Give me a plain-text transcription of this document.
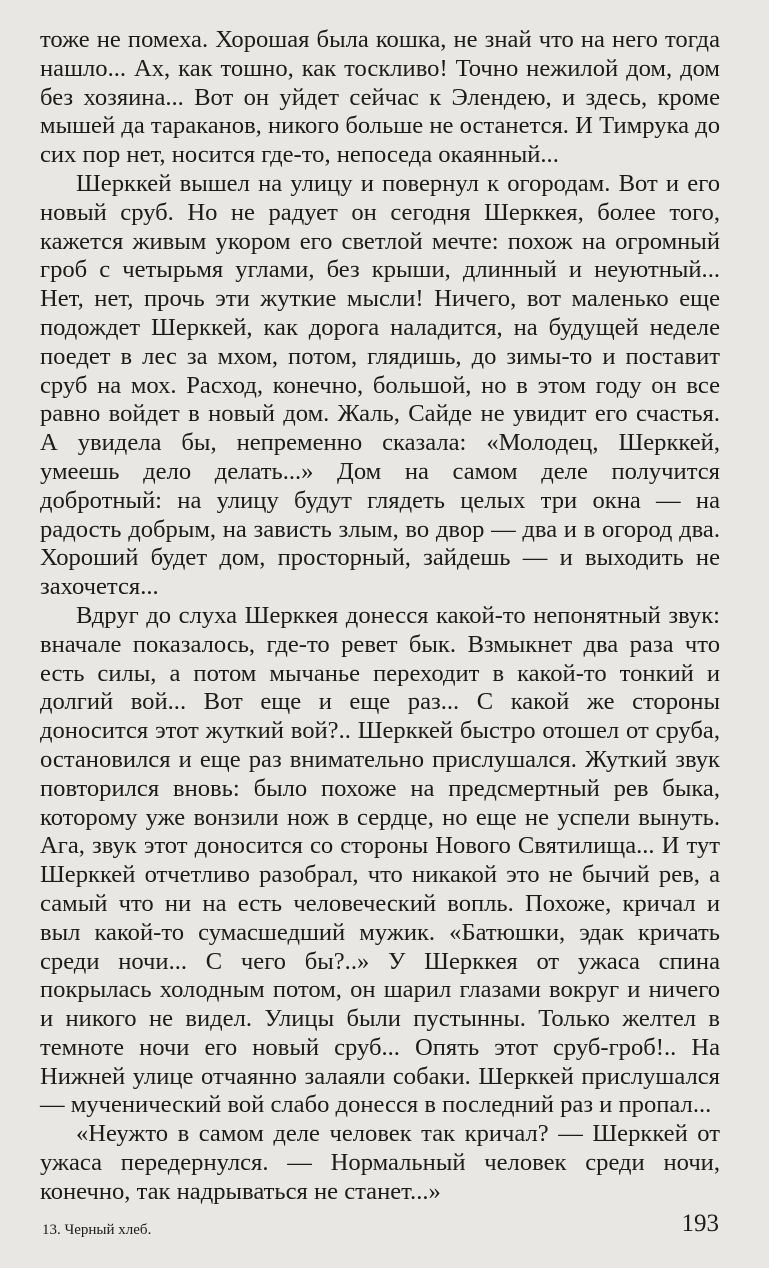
тоже не помеха. Хорошая была кошка, не знай что на него тогда нашло... Ах, как тошно, как тоскливо! Точно нежилой дом, дом без хозяина... Вот он уйдет сейчас к Элендею, и здесь, кроме мышей да тараканов, никого больше не останется. И Тимрука до сих пор нет, носится где-то, непоседа окаянный...

Шерккей вышел на улицу и повернул к огородам. Вот и его новый сруб. Но не радует он сегодня Шерккея, более того, кажется живым укором его светлой мечте: похож на огромный гроб с четырьмя углами, без крыши, длинный и неуютный... Нет, нет, прочь эти жуткие мысли! Ничего, вот маленько еще подождет Шерккей, как дорога наладится, на будущей неделе поедет в лес за мхом, потом, глядишь, до зимы-то и поставит сруб на мох. Расход, конечно, большой, но в этом году он все равно войдет в новый дом. Жаль, Сайде не увидит его счастья. А увидела бы, непременно сказала: «Молодец, Шерккей, умеешь дело делать...» Дом на самом деле получится добротный: на улицу будут глядеть целых три окна — на радость добрым, на зависть злым, во двор — два и в огород два. Хороший будет дом, просторный, зайдешь — и выходить не захочется...

Вдруг до слуха Шерккея донесся какой-то непонятный звук: вначале показалось, где-то ревет бык. Взмыкнет два раза что есть силы, а потом мычанье переходит в какой-то тонкий и долгий вой... Вот еще и еще раз... С какой же стороны доносится этот жуткий вой?.. Шерккей быстро отошел от сруба, остановился и еще раз внимательно прислушался. Жуткий звук повторился вновь: было похоже на предсмертный рев быка, которому уже вонзили нож в сердце, но еще не успели вынуть. Ага, звук этот доносится со стороны Нового Святилища... И тут Шерккей отчетливо разобрал, что никакой это не бычий рев, а самый что ни на есть человеческий вопль. Похоже, кричал и выл какой-то сумасшедший мужик. «Батюшки, эдак кричать среди ночи... С чего бы?..» У Шерккея от ужаса спина покрылась холодным потом, он шарил глазами вокруг и ничего и никого не видел. Улицы были пустынны. Только желтел в темноте ночи его новый сруб... Опять этот сруб-гроб!.. На Нижней улице отчаянно залаяли собаки. Шерккей прислушался — мученический вой слабо донесся в последний раз и пропал...

«Неужто в самом деле человек так кричал? — Шерккей от ужаса передернулся. — Нормальный человек среди ночи, конечно, так надрываться не станет...»

13. Черный хлеб.	193
